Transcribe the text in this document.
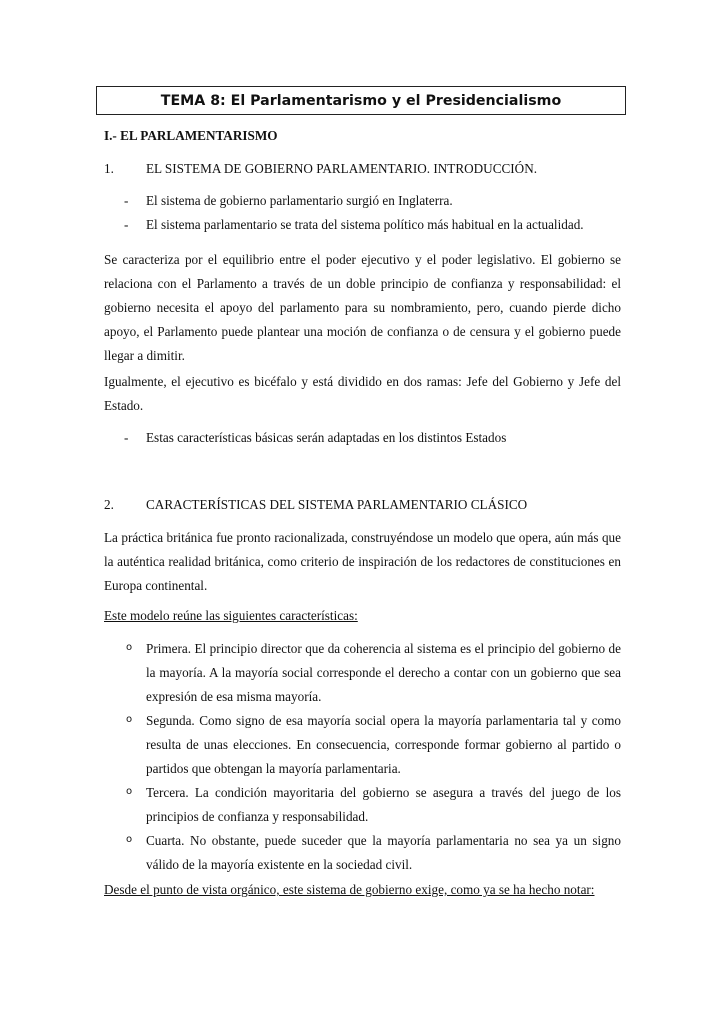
TEMA 8: El Parlamentarismo y el Presidencialismo
I.- EL PARLAMENTARISMO
1. EL SISTEMA DE GOBIERNO PARLAMENTARIO. INTRODUCCIÓN.
- El sistema de gobierno parlamentario surgió en Inglaterra.
- El sistema parlamentario se trata del sistema político más habitual en la actualidad.
Se caracteriza por el equilibrio entre el poder ejecutivo y el poder legislativo. El gobierno se relaciona con el Parlamento a través de un doble principio de confianza y responsabilidad: el gobierno necesita el apoyo del parlamento para su nombramiento, pero, cuando pierde dicho apoyo, el Parlamento puede plantear una moción de confianza o de censura y el gobierno puede llegar a dimitir.
Igualmente, el ejecutivo es bicéfalo y está dividido en dos ramas: Jefe del Gobierno y Jefe del Estado.
- Estas características básicas serán adaptadas en los distintos Estados
2. CARACTERÍSTICAS DEL SISTEMA PARLAMENTARIO CLÁSICO
La práctica británica fue pronto racionalizada, construyéndose un modelo que opera, aún más que la auténtica realidad británica, como criterio de inspiración de los redactores de constituciones en Europa continental.
Este modelo reúne las siguientes características:
o Primera. El principio director que da coherencia al sistema es el principio del gobierno de la mayoría. A la mayoría social corresponde el derecho a contar con un gobierno que sea expresión de esa misma mayoría.
o Segunda. Como signo de esa mayoría social opera la mayoría parlamentaria tal y como resulta de unas elecciones. En consecuencia, corresponde formar gobierno al partido o partidos que obtengan la mayoría parlamentaria.
o Tercera. La condición mayoritaria del gobierno se asegura a través del juego de los principios de confianza y responsabilidad.
o Cuarta. No obstante, puede suceder que la mayoría parlamentaria no sea ya un signo válido de la mayoría existente en la sociedad civil.
Desde el punto de vista orgánico, este sistema de gobierno exige, como ya se ha hecho notar:
